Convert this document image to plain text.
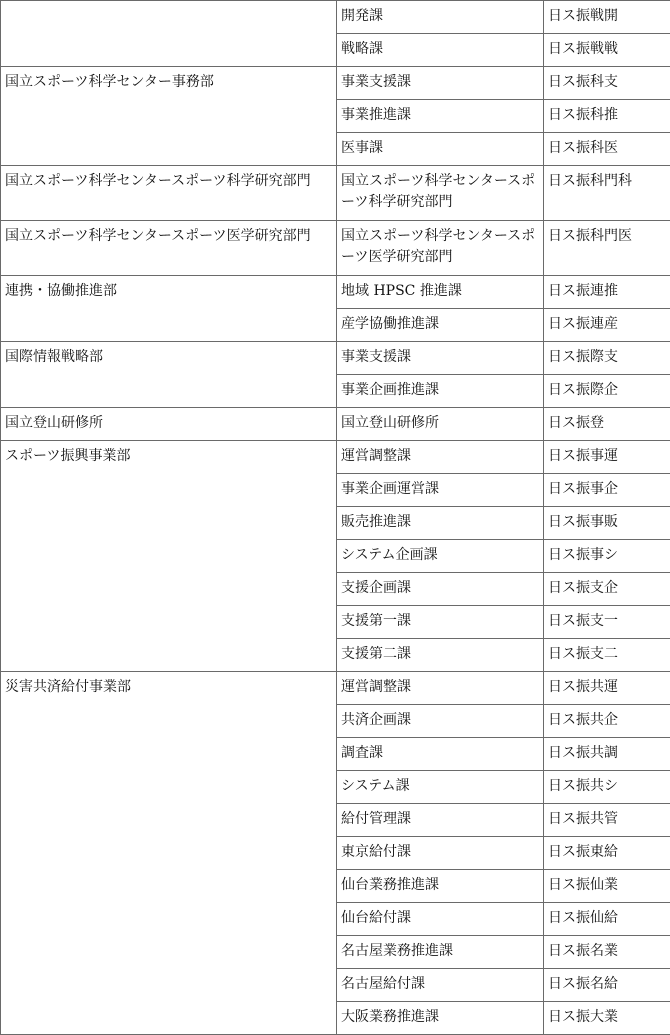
	開発課	日ス振戦開
	戦略課	日ス振戦戦
国立スポーツ科学センター事務部	事業支援課	日ス振科支
	事業推進課	日ス振科推
	医事課	日ス振科医
国立スポーツ科学センタースポーツ科学研究部門	国立スポーツ科学センタースポーツ科学研究部門	日ス振科門科
国立スポーツ科学センタースポーツ医学研究部門	国立スポーツ科学センタースポーツ医学研究部門	日ス振科門医
連携・協働推進部	地域 HPSC 推進課	日ス振連推
	産学協働推進課	日ス振連産
国際情報戦略部	事業支援課	日ス振際支
	事業企画推進課	日ス振際企
国立登山研修所	国立登山研修所	日ス振登
スポーツ振興事業部	運営調整課	日ス振事運
	事業企画運営課	日ス振事企
	販売推進課	日ス振事販
	システム企画課	日ス振事シ
	支援企画課	日ス振支企
	支援第一課	日ス振支一
	支援第二課	日ス振支二
災害共済給付事業部	運営調整課	日ス振共運
	共済企画課	日ス振共企
	調査課	日ス振共調
	システム課	日ス振共シ
	給付管理課	日ス振共管
	東京給付課	日ス振東給
	仙台業務推進課	日ス振仙業
	仙台給付課	日ス振仙給
	名古屋業務推進課	日ス振名業
	名古屋給付課	日ス振名給
	大阪業務推進課	日ス振大業
